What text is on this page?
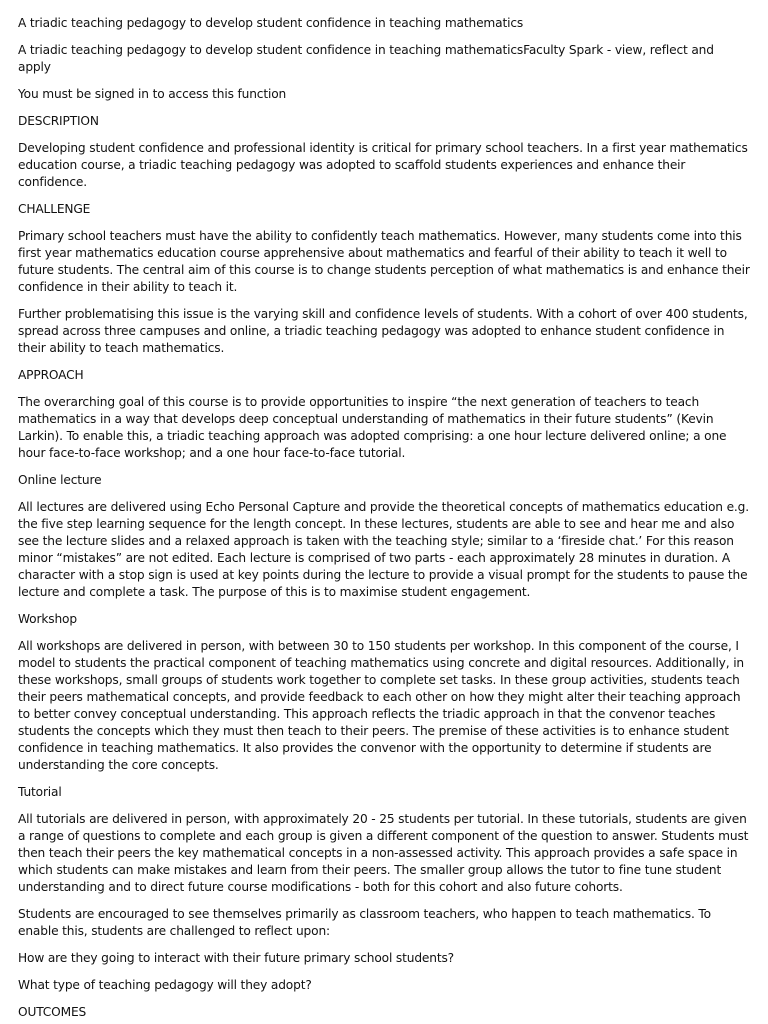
A triadic teaching pedagogy to develop student confidence in teaching mathematics

A triadic teaching pedagogy to develop student confidence in teaching mathematicsFaculty Spark - view, reflect and apply

You must be signed in to access this function

DESCRIPTION

Developing student confidence and professional identity is critical for primary school teachers. In a first year mathematics education course, a triadic teaching pedagogy was adopted to scaffold students experiences and enhance their confidence.

CHALLENGE

Primary school teachers must have the ability to confidently teach mathematics. However, many students come into this first year mathematics education course apprehensive about mathematics and fearful of their ability to teach it well to future students. The central aim of this course is to change students perception of what mathematics is and enhance their confidence in their ability to teach it.

Further problematising this issue is the varying skill and confidence levels of students. With a cohort of over 400 students, spread across three campuses and online, a triadic teaching pedagogy was adopted to enhance student confidence in their ability to teach mathematics.

APPROACH

The overarching goal of this course is to provide opportunities to inspire “the next generation of teachers to teach mathematics in a way that develops deep conceptual understanding of mathematics in their future students” (Kevin Larkin). To enable this, a triadic teaching approach was adopted comprising: a one hour lecture delivered online; a one hour face-to-face workshop; and a one hour face-to-face tutorial.

Online lecture

All lectures are delivered using Echo Personal Capture and provide the theoretical concepts of mathematics education e.g. the five step learning sequence for the length concept. In these lectures, students are able to see and hear me and also see the lecture slides and a relaxed approach is taken with the teaching style; similar to a ‘fireside chat.’ For this reason minor “mistakes” are not edited. Each lecture is comprised of two parts - each approximately 28 minutes in duration. A character with a stop sign is used at key points during the lecture to provide a visual prompt for the students to pause the lecture and complete a task. The purpose of this is to maximise student engagement.

Workshop

All workshops are delivered in person, with between 30 to 150 students per workshop. In this component of the course, I model to students the practical component of teaching mathematics using concrete and digital resources. Additionally, in these workshops, small groups of students work together to complete set tasks. In these group activities, students teach their peers mathematical concepts, and provide feedback to each other on how they might alter their teaching approach to better convey conceptual understanding. This approach reflects the triadic approach in that the convenor teaches students the concepts which they must then teach to their peers. The premise of these activities is to enhance student confidence in teaching mathematics. It also provides the convenor with the opportunity to determine if students are understanding the core concepts.

Tutorial

All tutorials are delivered in person, with approximately 20 - 25 students per tutorial. In these tutorials, students are given a range of questions to complete and each group is given a different component of the question to answer. Students must then teach their peers the key mathematical concepts in a non-assessed activity. This approach provides a safe space in which students can make mistakes and learn from their peers. The smaller group allows the tutor to fine tune student understanding and to direct future course modifications - both for this cohort and also future cohorts.

Students are encouraged to see themselves primarily as classroom teachers, who happen to teach mathematics. To enable this, students are challenged to reflect upon:

How are they going to interact with their future primary school students?

What type of teaching pedagogy will they adopt?

OUTCOMES
